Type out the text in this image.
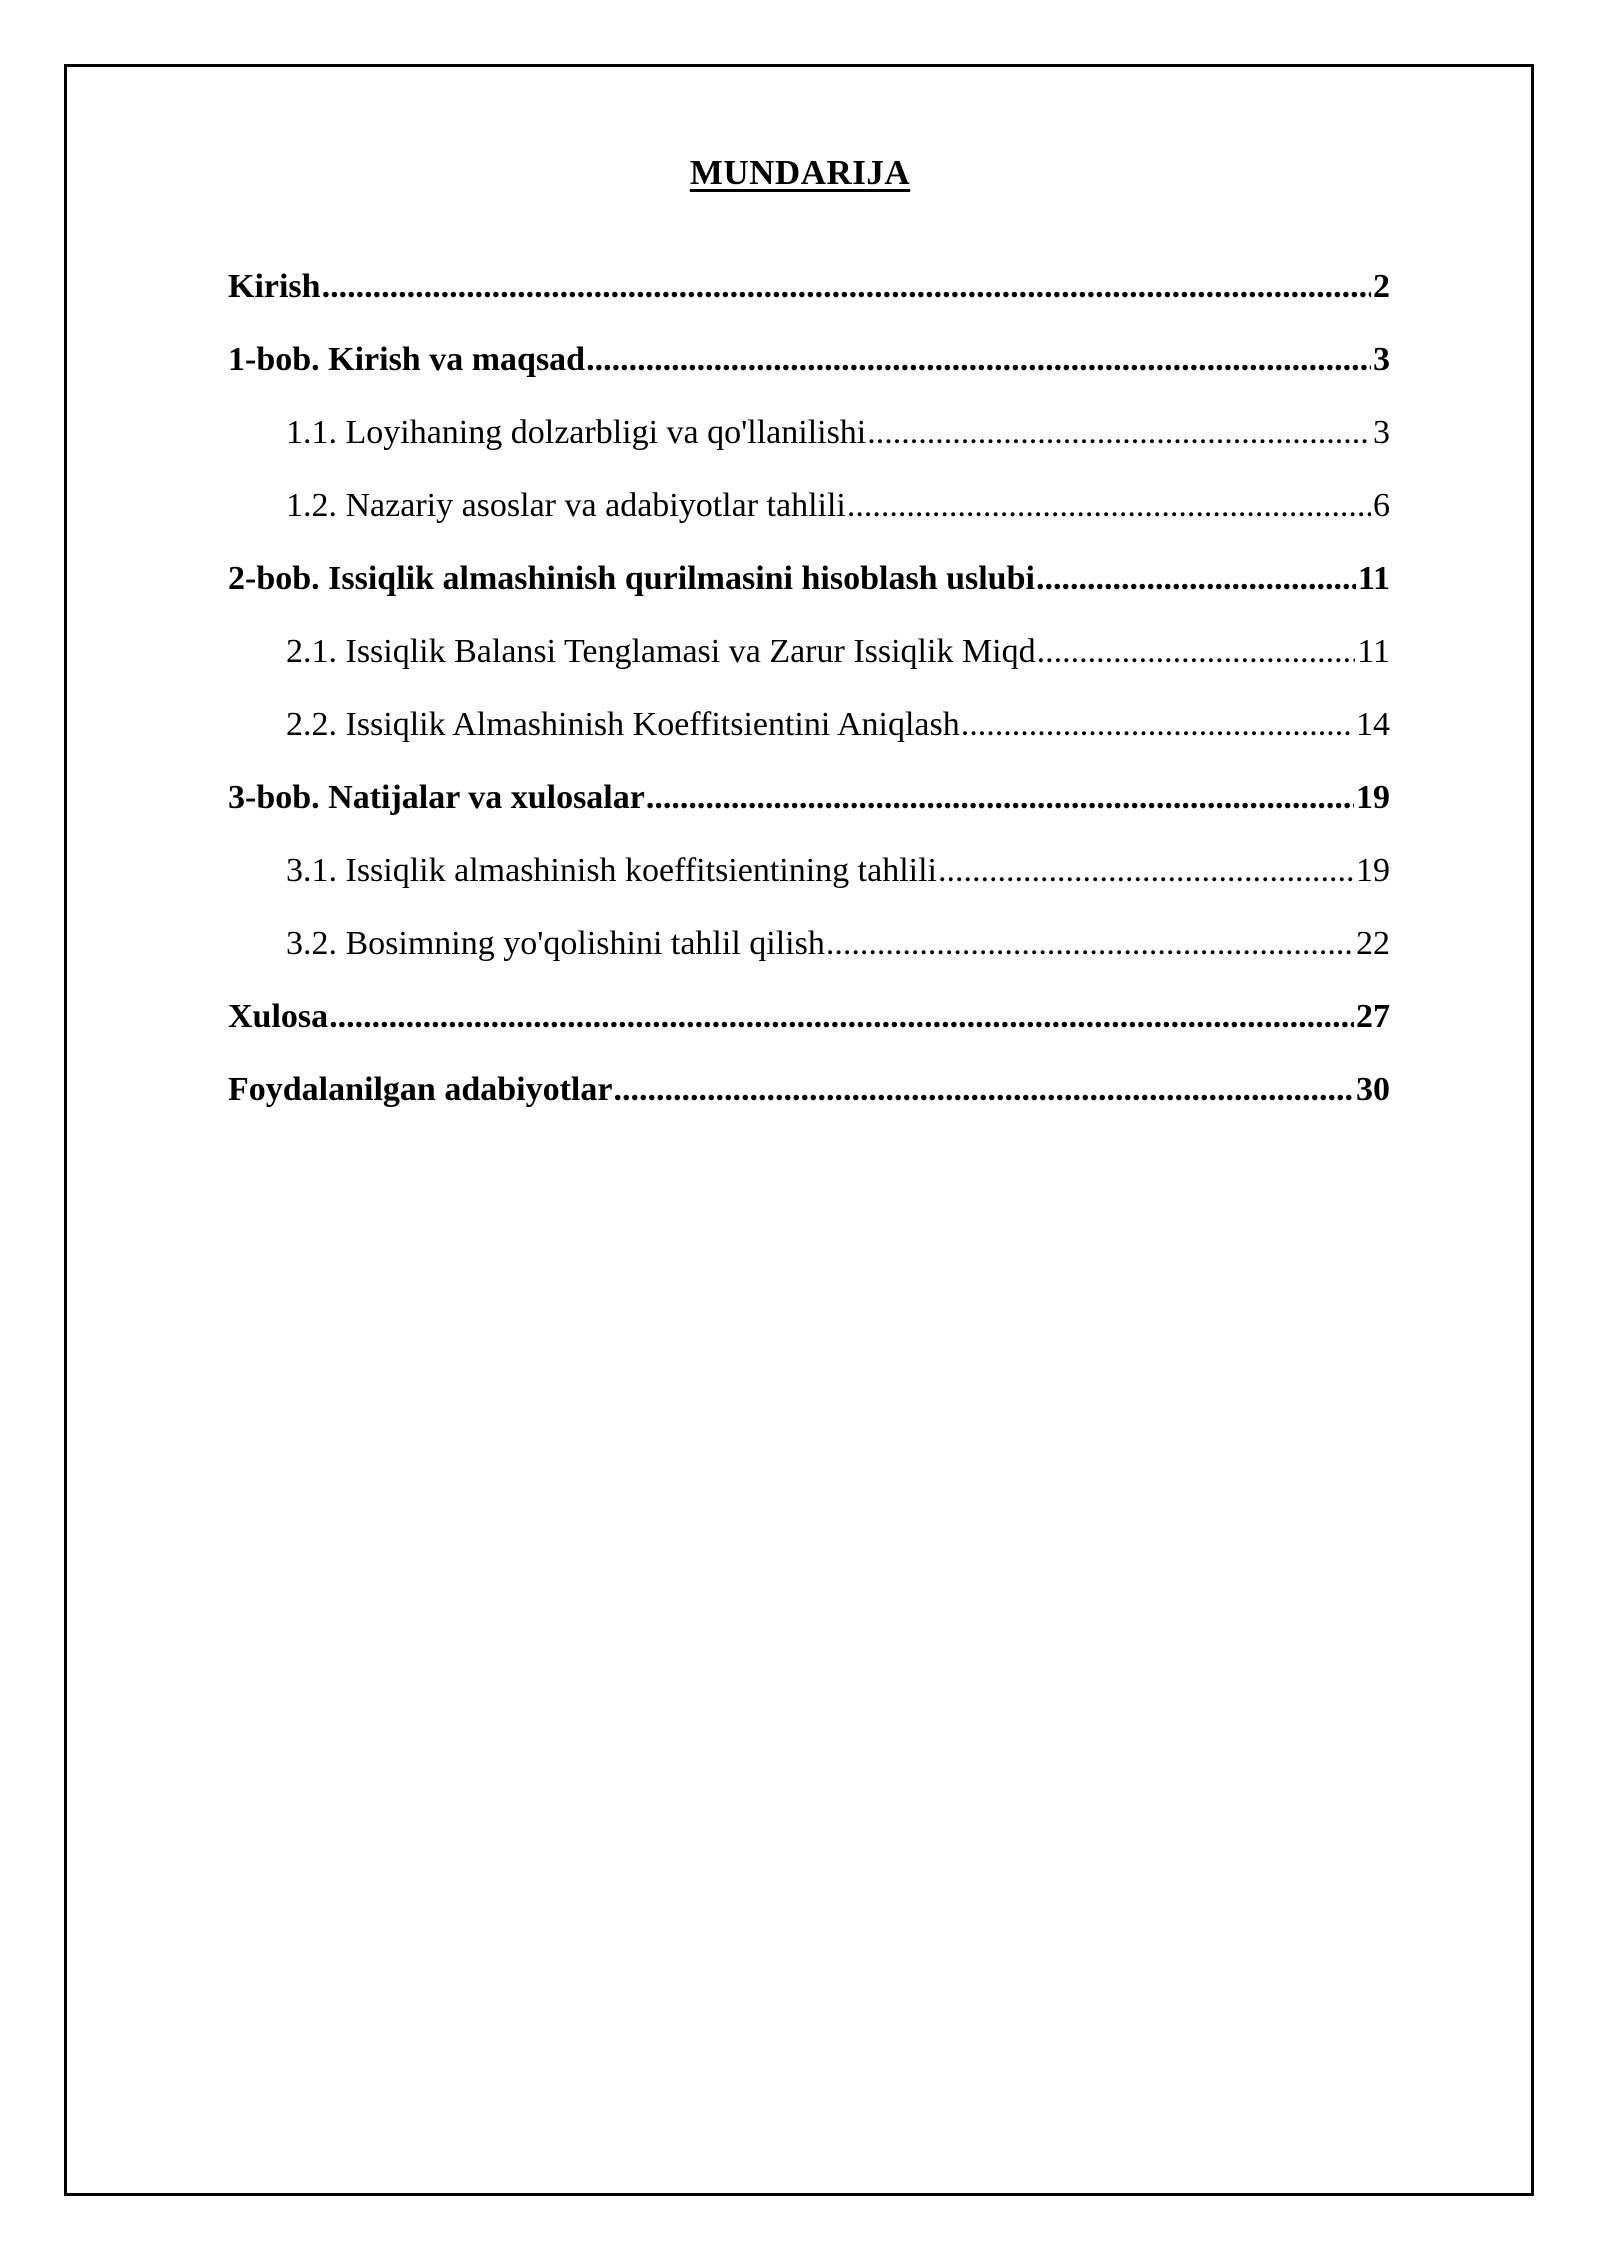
MUNDARIJA
Kirish .....	2
1-bob. Kirish va maqsad .....	3
1.1. Loyihaning dolzarbligi va qo'llanilishi .....	3
1.2. Nazariy asoslar va adabiyotlar tahlili .....	6
2-bob. Issiqlik almashinish qurilmasini hisoblash uslubi .....	11
2.1. Issiqlik Balansi Tenglamasi va Zarur Issiqlik Miqd .....	11
2.2. Issiqlik Almashinish Koeffitsientini Aniqlash .....	14
3-bob. Natijalar va xulosalar .....	19
3.1. Issiqlik almashinish koeffitsientining tahlili .....	19
3.2. Bosimning yo'qolishini tahlil qilish .....	22
Xulosa .....	27
Foydalanilgan adabiyotlar .....	30
